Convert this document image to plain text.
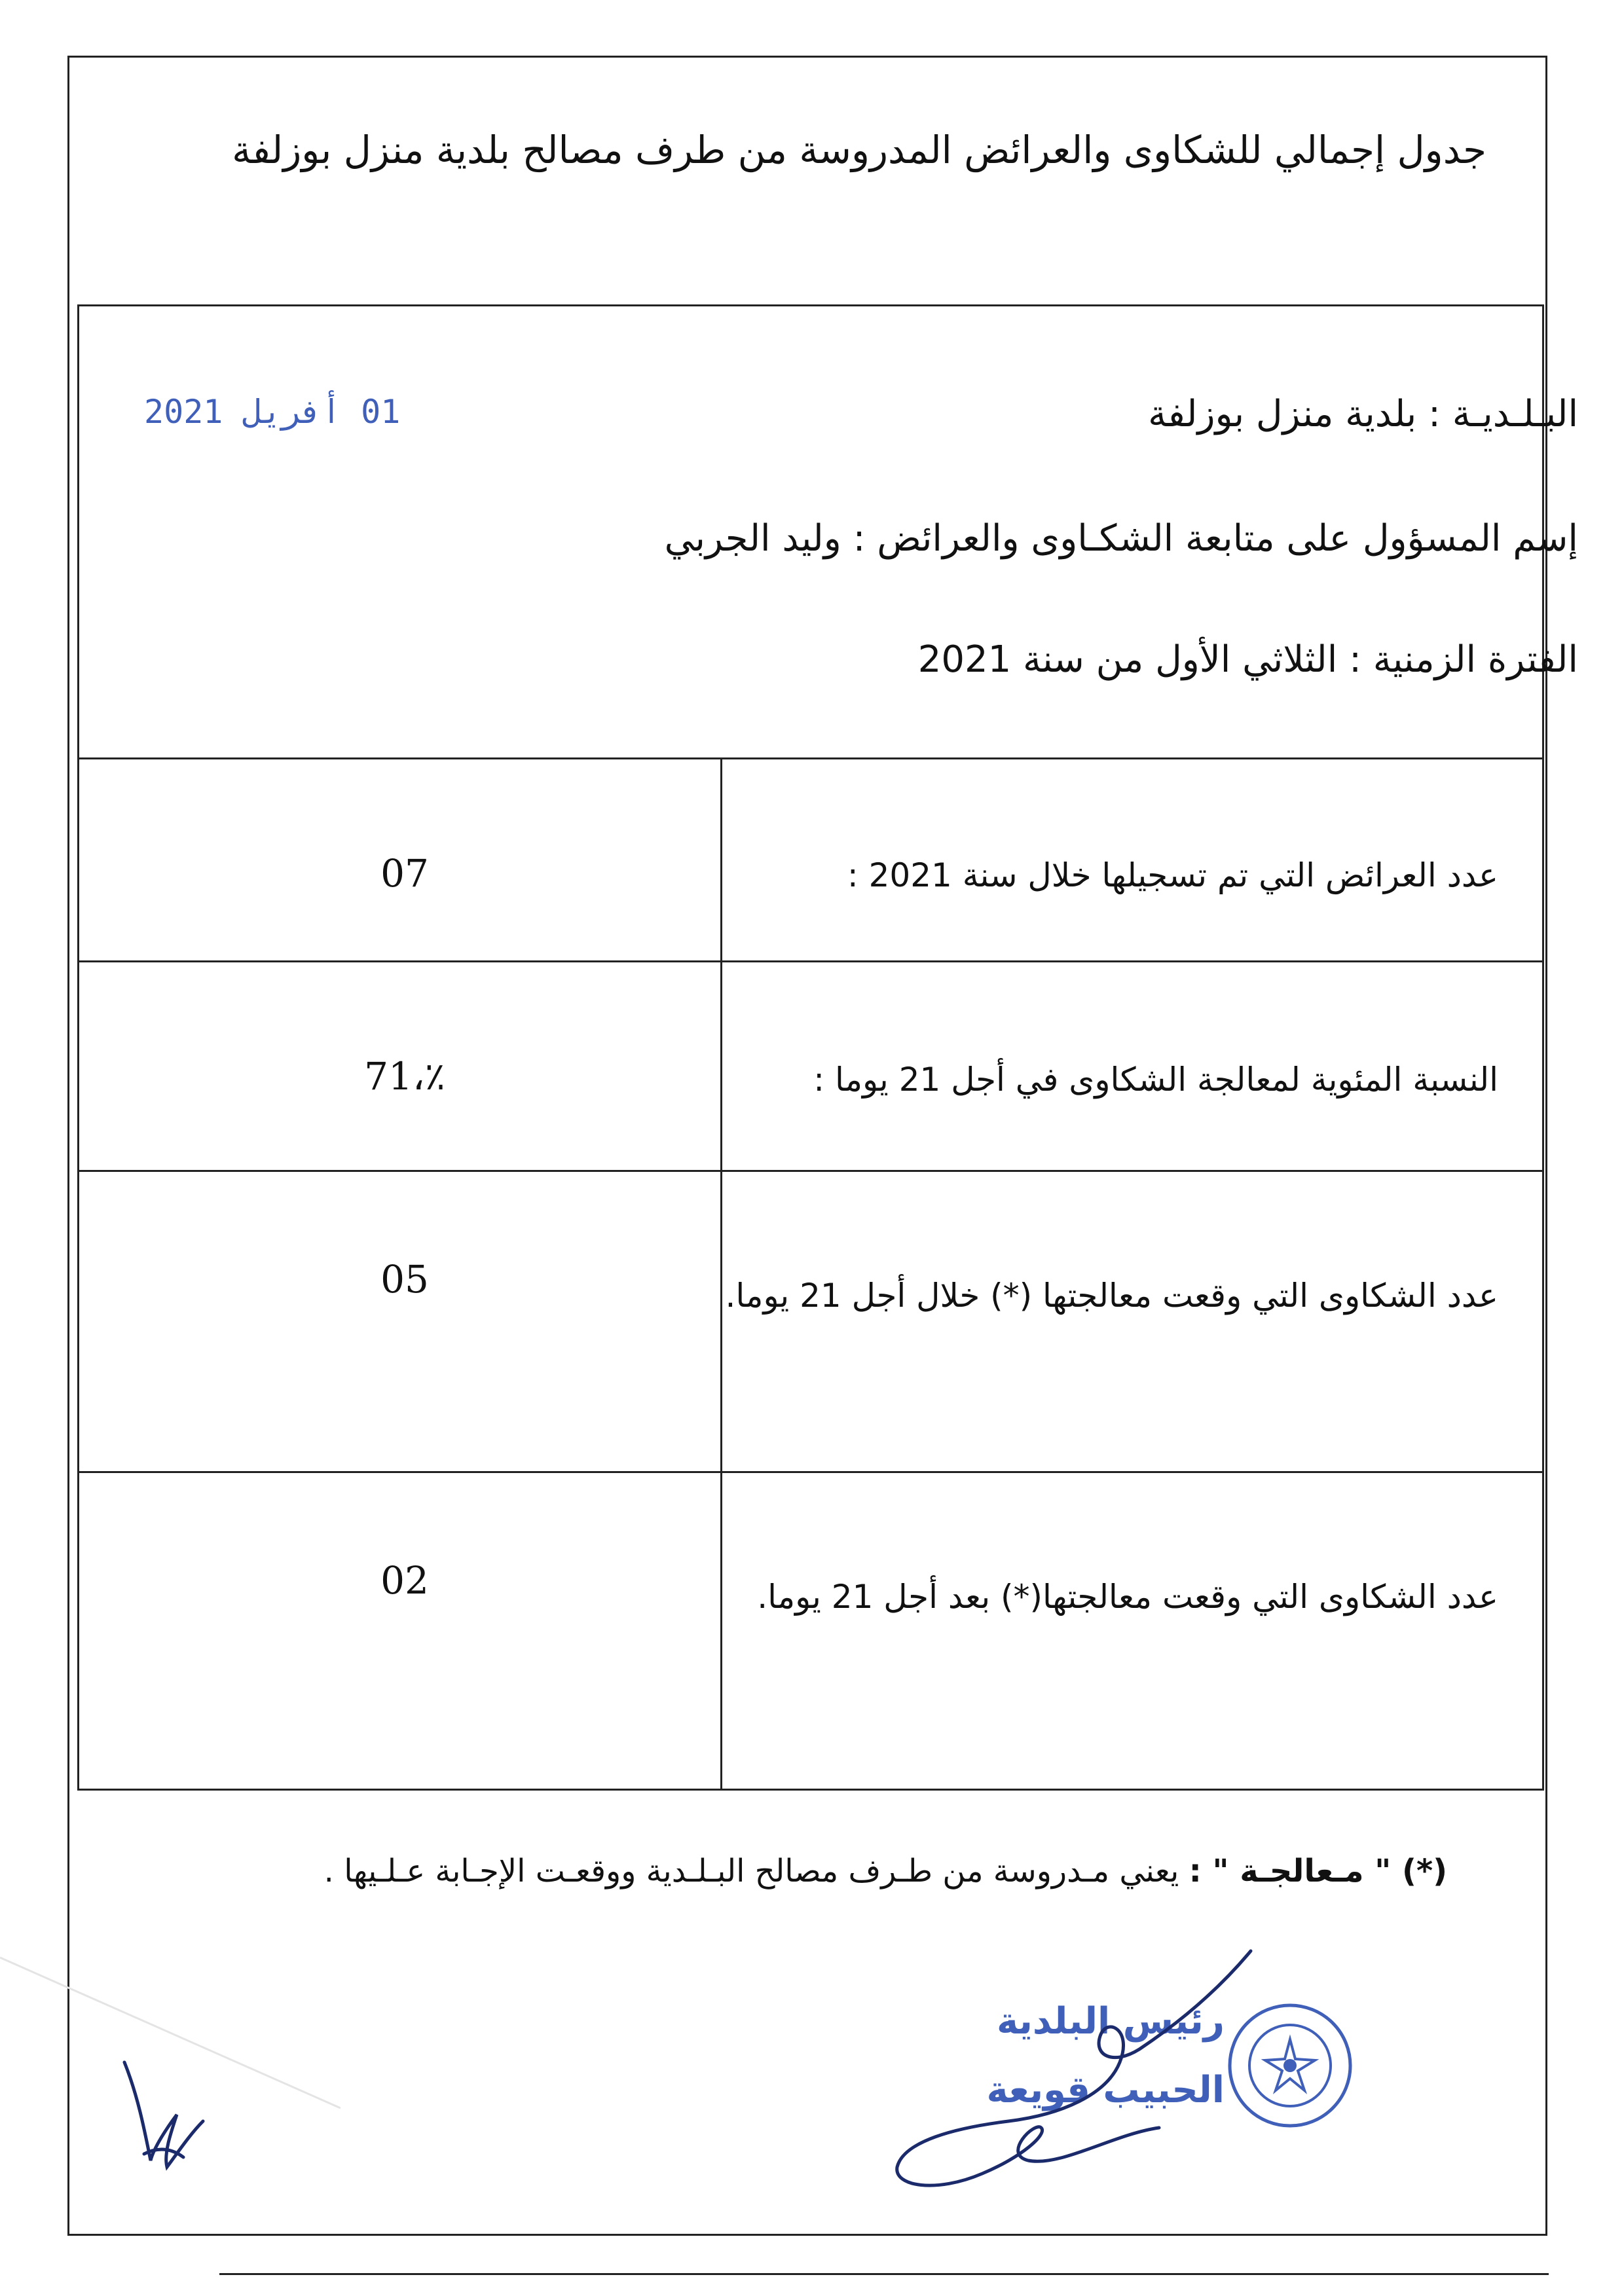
جدول إجمالي للشكاوى والعرائض المدروسة من طرف مصالح بلدية منزل بوزلفة
01 أفريل 2021	البـلـديـة : بلدية منزل بوزلفة
إسم المسؤول على متابعة الشكـاوى والعرائض : وليد الجربي
الفترة الزمنية : الثلاثي الأول من سنة 2021
عدد العرائض التي تم تسجيلها خلال سنة 2021 :
07
النسبة المئوية لمعالجة الشكاوى في أجل 21 يوما :
71،٪
عدد الشكاوى التي وقعت معالجتها (*) خلال أجل 21 يوما.
05
عدد الشكاوى التي وقعت معالجتها(*) بعد أجل 21 يوما.
02
(*) " مـعالجـة " : يعني مـدروسة من طـرف مصالح البـلـدية ووقعـت الإجـابة عـلـيها .
رئيس البلدية
الحبيب قويعة
